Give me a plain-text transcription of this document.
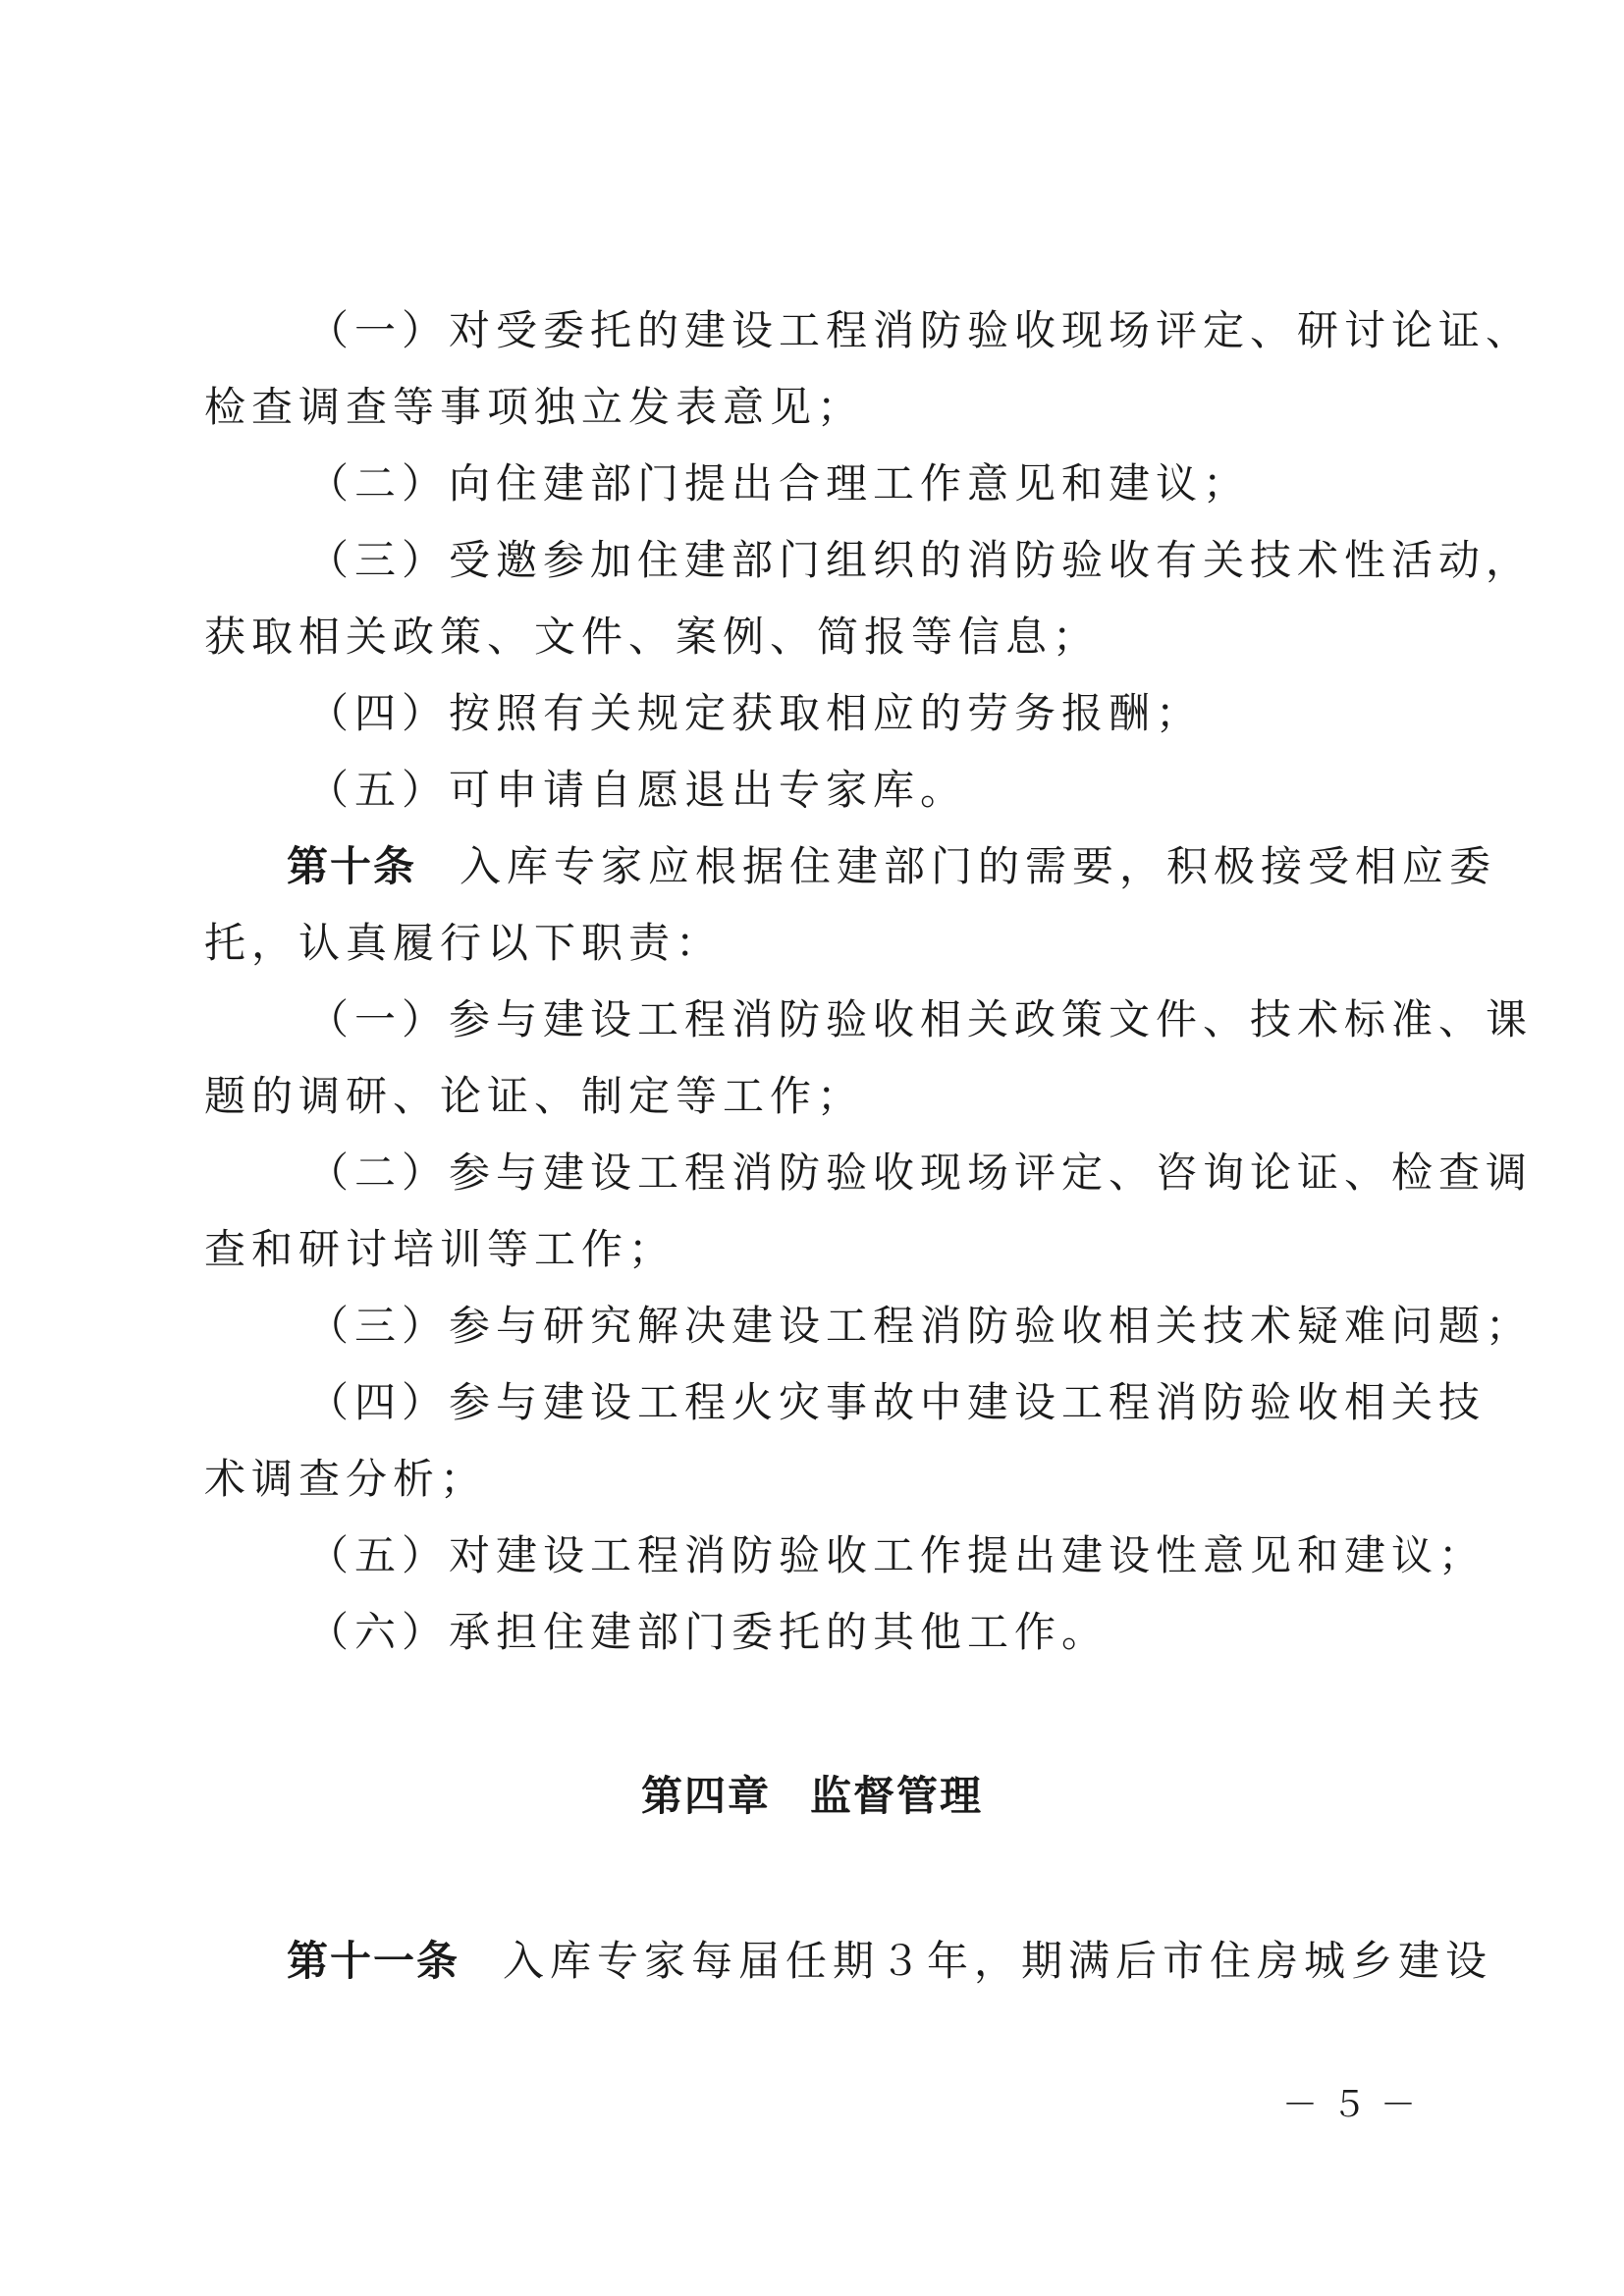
（一）对受委托的建设工程消防验收现场评定、研讨论证、
检查调查等事项独立发表意见；
（二）向住建部门提出合理工作意见和建议；
（三）受邀参加住建部门组织的消防验收有关技术性活动，
获取相关政策、文件、案例、简报等信息；
（四）按照有关规定获取相应的劳务报酬；
（五）可申请自愿退出专家库。
第十条 入库专家应根据住建部门的需要，积极接受相应委
托，认真履行以下职责：
（一）参与建设工程消防验收相关政策文件、技术标准、课
题的调研、论证、制定等工作；
（二）参与建设工程消防验收现场评定、咨询论证、检查调
查和研讨培训等工作；
（三）参与研究解决建设工程消防验收相关技术疑难问题；
（四）参与建设工程火灾事故中建设工程消防验收相关技
术调查分析；
（五）对建设工程消防验收工作提出建设性意见和建议；
（六）承担住建部门委托的其他工作。
第四章 监督管理
第十一条 入库专家每届任期３年，期满后市住房城乡建设
－５－
